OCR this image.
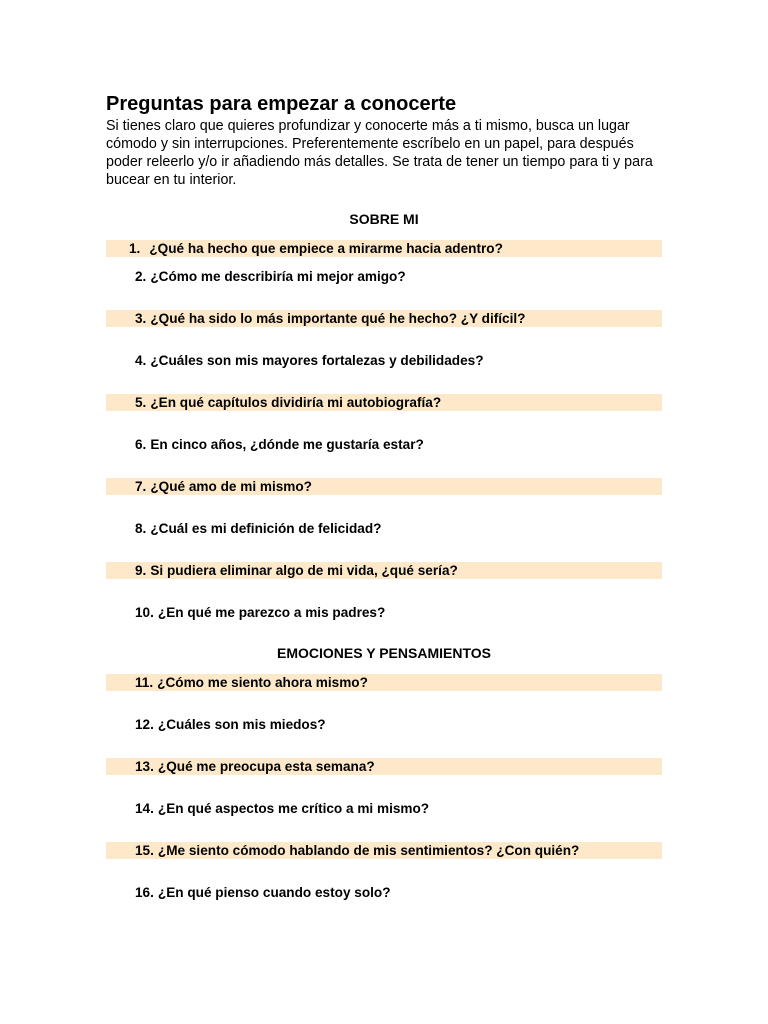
Preguntas para empezar a conocerte
Si tienes claro que quieres profundizar y conocerte más a ti mismo, busca un lugar
cómodo y sin interrupciones. Preferentemente escríbelo en un papel, para después
poder releerlo y/o ir añadiendo más detalles. Se trata de tener un tiempo para ti y para
bucear en tu interior.
SOBRE MI
1. ¿Qué ha hecho que empiece a mirarme hacia adentro?
2. ¿Cómo me describiría mi mejor amigo?
3. ¿Qué ha sido lo más importante qué he hecho? ¿Y difícil?
4. ¿Cuáles son mis mayores fortalezas y debilidades?
5. ¿En qué capítulos dividiría mi autobiografía?
6. En cinco años, ¿dónde me gustaría estar?
7. ¿Qué amo de mi mismo?
8. ¿Cuál es mi definición de felicidad?
9. Si pudiera eliminar algo de mi vida, ¿qué sería?
10. ¿En qué me parezco a mis padres?
EMOCIONES Y PENSAMIENTOS
11. ¿Cómo me siento ahora mismo?
12. ¿Cuáles son mis miedos?
13. ¿Qué me preocupa esta semana?
14. ¿En qué aspectos me crítico a mi mismo?
15. ¿Me siento cómodo hablando de mis sentimientos? ¿Con quién?
16. ¿En qué pienso cuando estoy solo?
